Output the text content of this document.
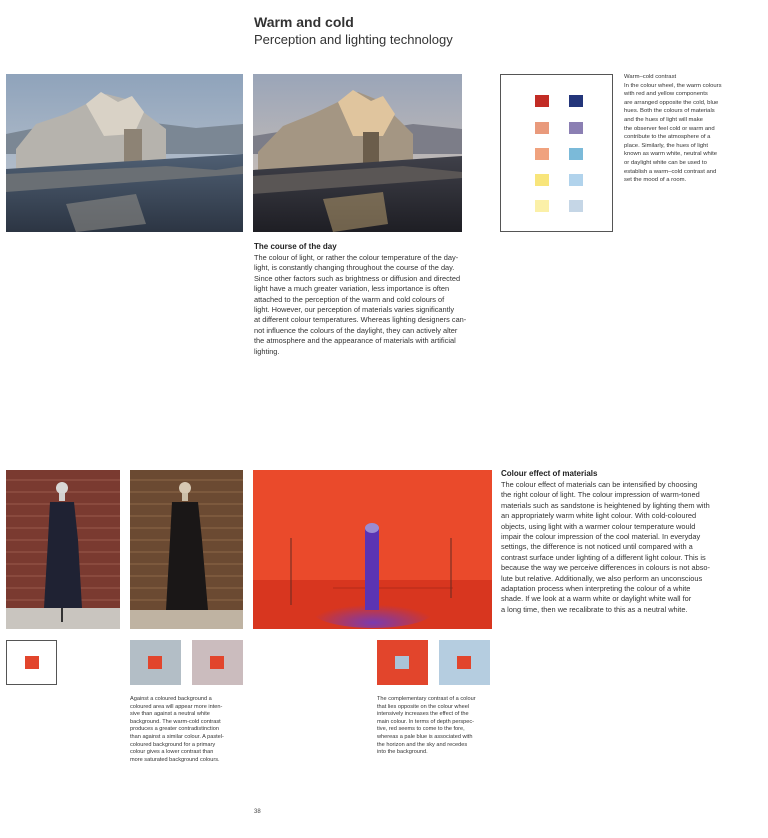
Warm and cold
Perception and lighting technology
Warm–cold contrast
In the colour wheel, the warm colours
with red and yellow components
are arranged opposite the cold, blue
hues. Both the colours of materials
and the hues of light will make
the observer feel cold or warm and
contribute to the atmosphere of a
place. Similarly, the hues of light
known as warm white, neutral white
or daylight white can be used to
establish a warm–cold contrast and
set the mood of a room.
The course of the day
The colour of light, or rather the colour temperature of the day-
light, is constantly changing throughout the course of the day.
Since other factors such as brightness or diffusion and directed
light have a much greater variation, less importance is often
attached to the perception of the warm and cold colours of
light. However, our perception of materials varies significantly
at different colour temperatures. Whereas lighting designers can-
not influence the colours of the daylight, they can actively alter
the atmosphere and the appearance of materials with artificial
lighting.
Colour effect of materials
The colour effect of materials can be intensified by choosing
the right colour of light. The colour impression of warm-toned
materials such as sandstone is heightened by lighting them with
an appropriately warm white light colour. With cold-coloured
objects, using light with a warmer colour temperature would
impair the colour impression of the cool material. In everyday
settings, the difference is not noticed until compared with a
contrast surface under lighting of a different light colour. This is
because the way we perceive differences in colours is not abso-
lute but relative. Additionally, we also perform an unconscious
adaptation process when interpreting the colour of a white
shade. If we look at a warm white or daylight white wall for
a long time, then we recalibrate to this as a neutral white.
Against a coloured background a
coloured area will appear more inten-
sive than against a neutral white
background. The warm-cold contrast
produces a greater contradistinction
than against a similar colour. A pastel-
coloured background for a primary
colour gives a lower contrast than
more saturated background colours.
The complementary contrast of a colour
that lies opposite on the colour wheel
intensively increases the effect of the
main colour. In terms of depth perspec-
tive, red seems to come to the fore,
whereas a pale blue is associated with
the horizon and the sky and recedes
into the background.
38
